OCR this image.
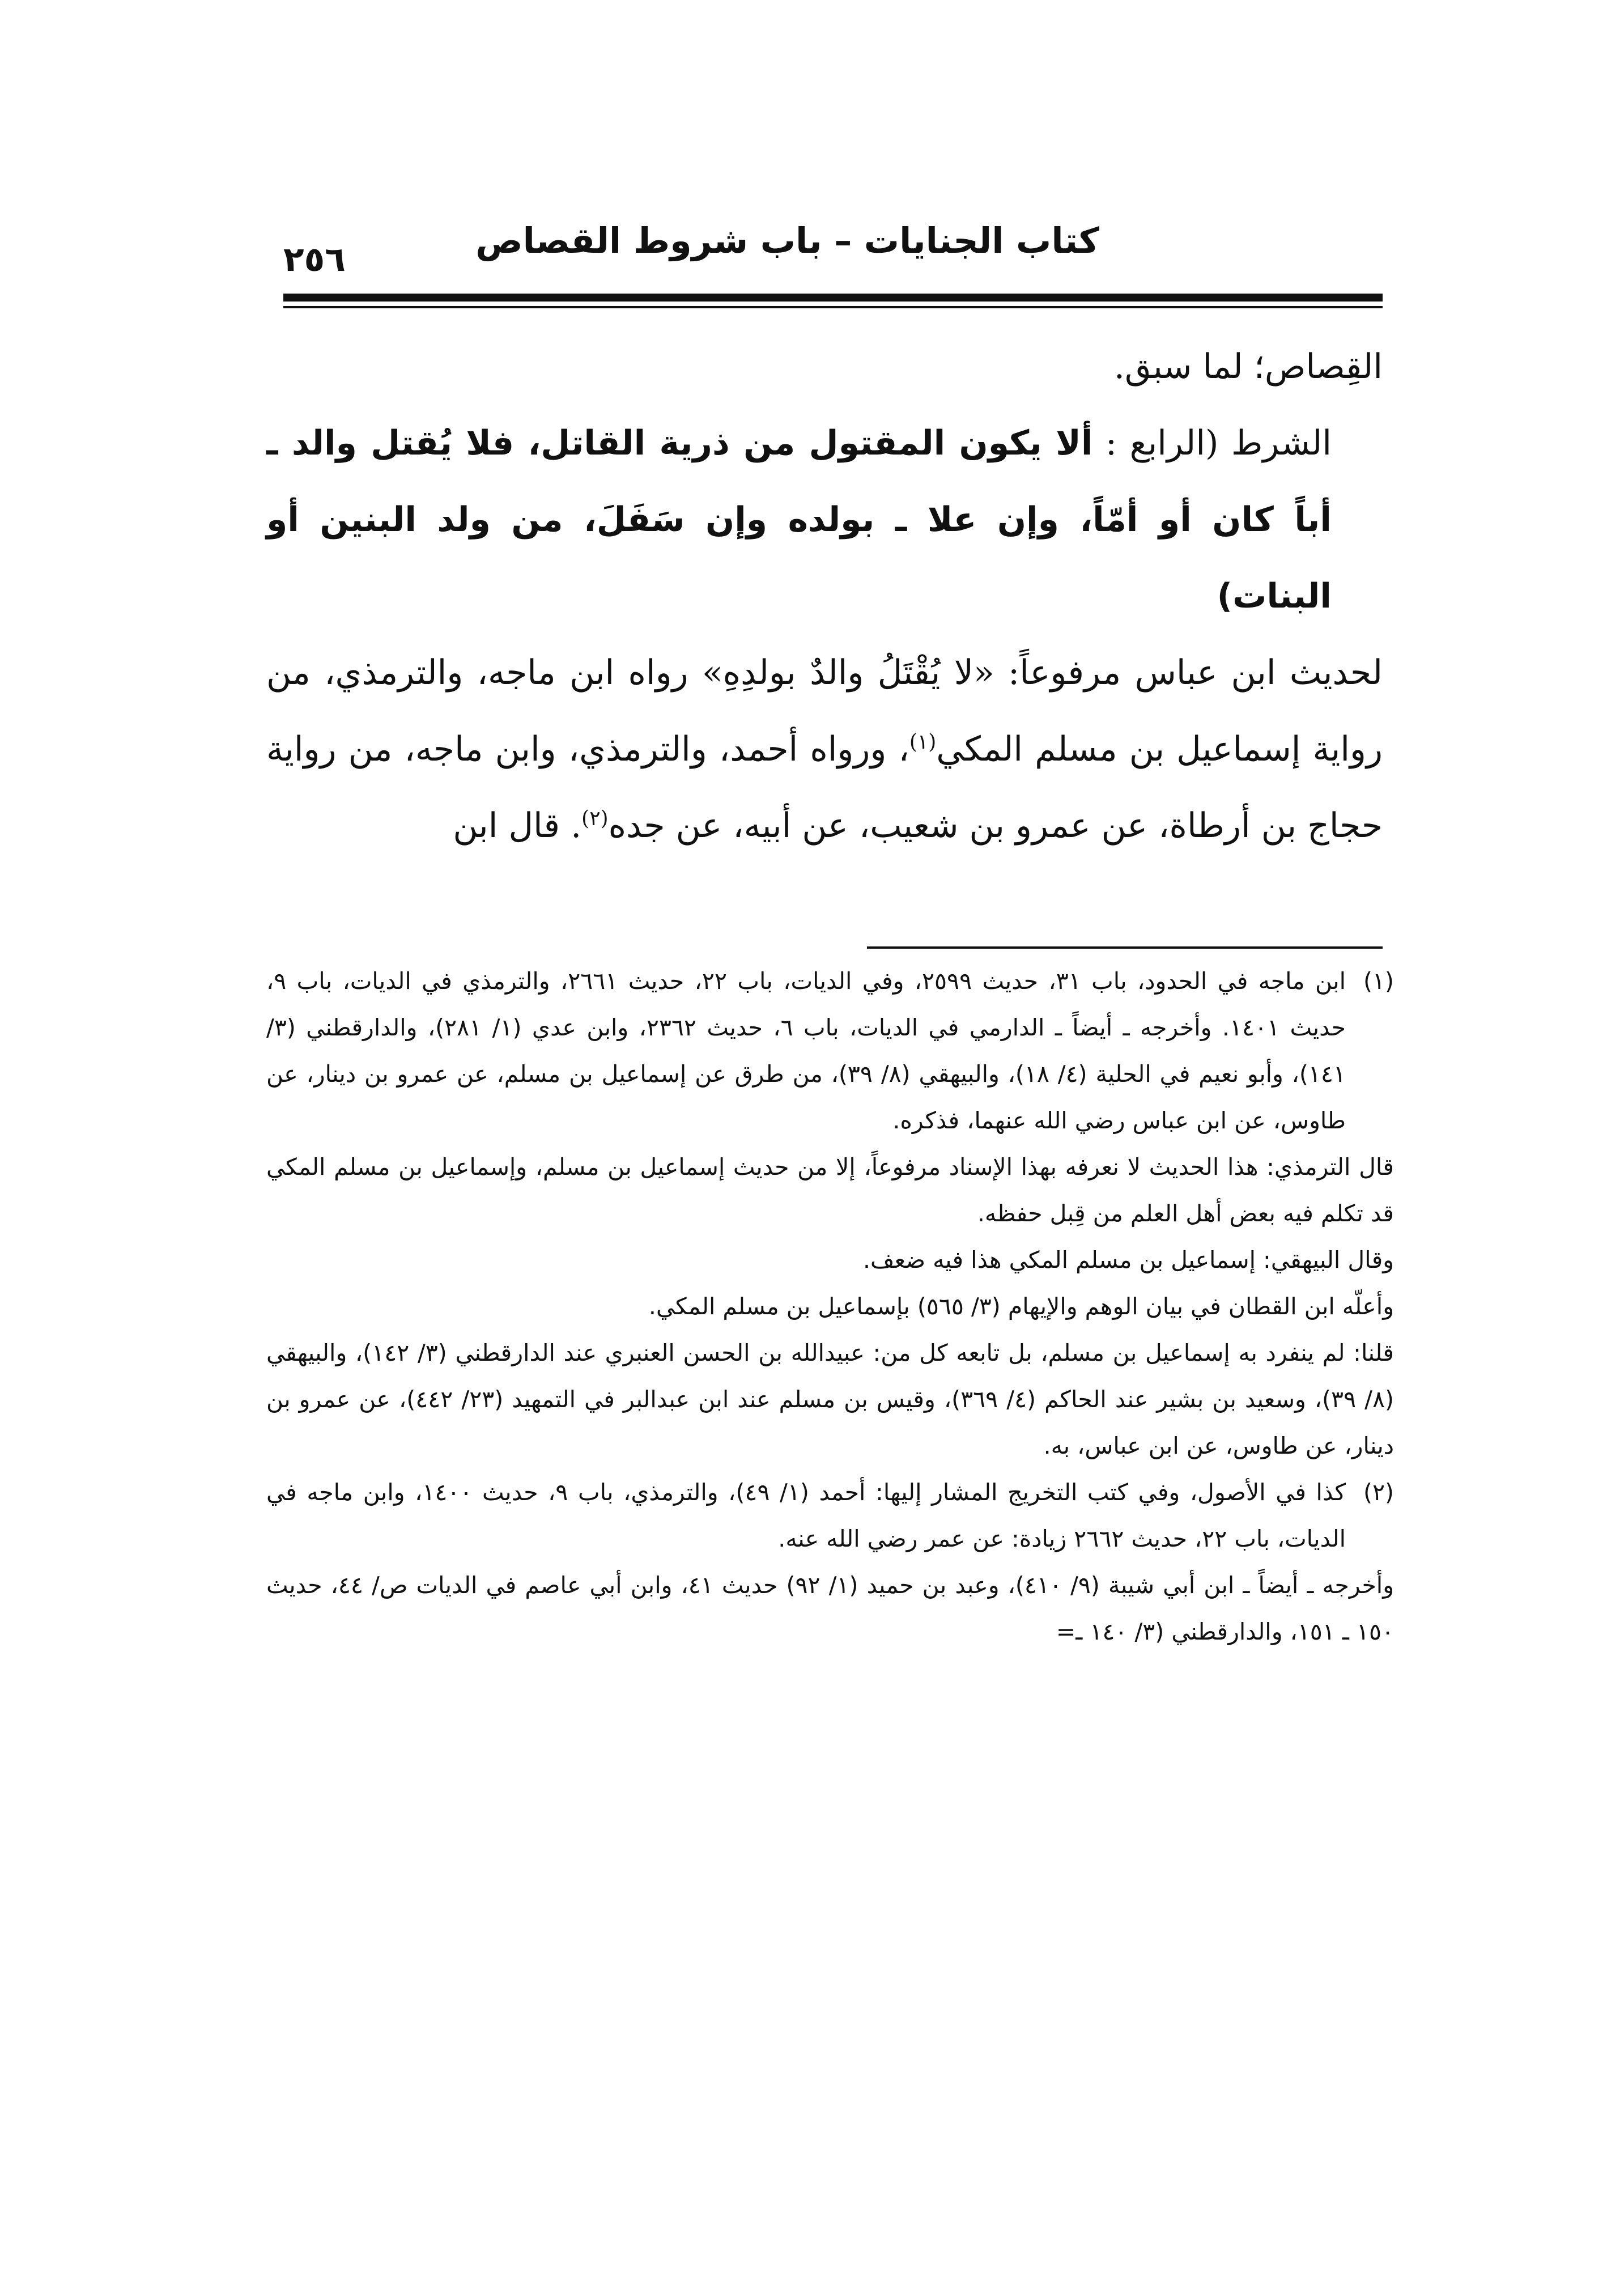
كتاب الجنايات – باب شروط القصاص
٢٥٦

القِصاص؛ لما سبق.

الشرط (الرابع : ألا يكون المقتول من ذرية القاتل، فلا يُقتل والد ـ أباً كان أو أمّاً، وإن علا ـ بولده وإن سَفَلَ، من ولد البنين أو البنات)

لحديث ابن عباس مرفوعاً: «لا يُقْتَلُ والدٌ بولدِهِ» رواه ابن ماجه، والترمذي، من رواية إسماعيل بن مسلم المكي$^{(١)}$، ورواه أحمد، والترمذي، وابن ماجه، من رواية حجاج بن أرطاة، عن عمرو بن شعيب، عن أبيه، عن جده$^{(٢)}$. قال ابن

(١)

ابن ماجه في الحدود، باب ٣١، حديث ٢٥٩٩، وفي الديات، باب ٢٢، حديث ٢٦٦١، والترمذي في الديات، باب ٩، حديث ١٤٠١. وأخرجه ـ أيضاً ـ الدارمي في الديات، باب ٦، حديث ٢٣٦٢، وابن عدي (١/ ٢٨١)، والدارقطني (٣/ ١٤١)، وأبو نعيم في الحلية (٤/ ١٨)، والبيهقي (٨/ ٣٩)، من طرق عن إسماعيل بن مسلم، عن عمرو بن دينار، عن طاوس، عن ابن عباس رضي الله عنهما، فذكره.

قال الترمذي: هذا الحديث لا نعرفه بهذا الإسناد مرفوعاً، إلا من حديث إسماعيل بن مسلم، وإسماعيل بن مسلم المكي قد تكلم فيه بعض أهل العلم من قِبل حفظه.

وقال البيهقي: إسماعيل بن مسلم المكي هذا فيه ضعف.

وأعلّه ابن القطان في بيان الوهم والإيهام (٣/ ٥٦٥) بإسماعيل بن مسلم المكي.

قلنا: لم ينفرد به إسماعيل بن مسلم، بل تابعه كل من: عبيدالله بن الحسن العنبري عند الدارقطني (٣/ ١٤٢)، والبيهقي (٨/ ٣٩)، وسعيد بن بشير عند الحاكم (٤/ ٣٦٩)، وقيس بن مسلم عند ابن عبدالبر في التمهيد (٢٣/ ٤٤٢)، عن عمرو بن دينار، عن طاوس، عن ابن عباس، به.

(٢)

كذا في الأصول، وفي كتب التخريج المشار إليها: أحمد (١/ ٤٩)، والترمذي، باب ٩، حديث ١٤٠٠، وابن ماجه في الديات، باب ٢٢، حديث ٢٦٦٢ زيادة: عن عمر رضي الله عنه.

وأخرجه ـ أيضاً ـ ابن أبي شيبة (٩/ ٤١٠)، وعبد بن حميد (١/ ٩٢) حديث ٤١، وابن أبي عاصم في الديات ص/ ٤٤، حديث ١٥٠ ـ ١٥١، والدارقطني (٣/ ١٤٠ ـ=
